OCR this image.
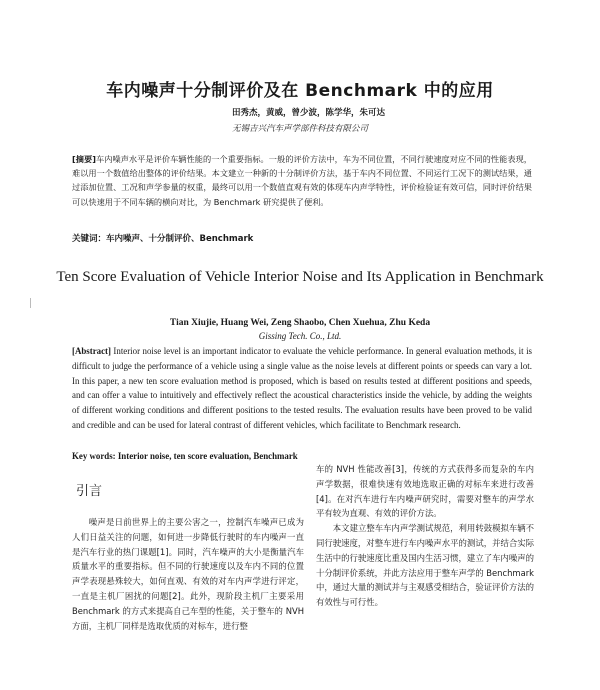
车内噪声十分制评价及在 Benchmark 中的应用
田秀杰，黄威，曾少波，陈学华，朱可达
无锡吉兴汽车声学部件科技有限公司
[摘要]车内噪声水平是评价车辆性能的一个重要指标。一般的评价方法中，车为不同位置，不同行驶速度对应不同的性能表现，难以用一个数值给出整体的评价结果。本文建立一种新的十分制评价方法，基于车内不同位置、不同运行工况下的测试结果，通过添加位置、工况和声学参量的权重，最终可以用一个数值直观有效的体现车内声学特性，评价检验证有效可信，同时评价结果可以快速用于不同车辆的横向对比，为 Benchmark 研究提供了便利。
关键词：车内噪声、十分制评价、Benchmark
Ten Score Evaluation of Vehicle Interior Noise and Its Application in Benchmark
Tian Xiujie, Huang Wei, Zeng Shaobo, Chen Xuehua, Zhu Keda
Gissing Tech. Co., Ltd.
[Abstract] Interior noise level is an important indicator to evaluate the vehicle performance. In general evaluation methods, it is difficult to judge the performance of a vehicle using a single value as the noise levels at different points or speeds can vary a lot. In this paper, a new ten score evaluation method is proposed, which is based on results tested at different positions and speeds, and can offer a value to intuitively and effectively reflect the acoustical characteristics inside the vehicle, by adding the weights of different working conditions and different positions to the tested results. The evaluation results have been proved to be valid and credible and can be used for lateral contrast of different vehicles, which facilitate to Benchmark research.
Key words: Interior noise, ten score evaluation, Benchmark
引言

噪声是日前世界上的主要公害之一，控制汽车噪声已成为人们日益关注的问题，如何进一步降低行驶时的车内噪声一直是汽车行业的热门课题[1]。同时，汽车噪声的大小是衡量汽车质量水平的重要指标。但不同的行驶速度以及车内不同的位置声学表现悬殊较大，如何直观、有效的对车内声学进行评定，一直是主机厂困扰的问题[2]。此外，现阶段主机厂主要采用 Benchmark 的方式来提高自己车型的性能，关于整车的 NVH 方面，主机厂同样是选取优质的对标车，进行整

车的 NVH 性能改善[3]，传统的方式获得多而复杂的车内声学数据，很难快速有效地选取正确的对标车来进行改善[4]。在对汽车进行车内噪声研究时，需要对整车的声学水平有较为直观、有效的评价方法。

本文建立整车车内声学测试规范，利用转鼓模拟车辆不同行驶速度，对整车进行车内噪声水平的测试，并结合实际生活中的行驶速度比重及国内生活习惯，建立了车内噪声的十分制评价系统，并此方法应用于整车声学的 Benchmark 中，通过大量的测试并与主观感受相结合，验证评价方法的有效性与可行性。
